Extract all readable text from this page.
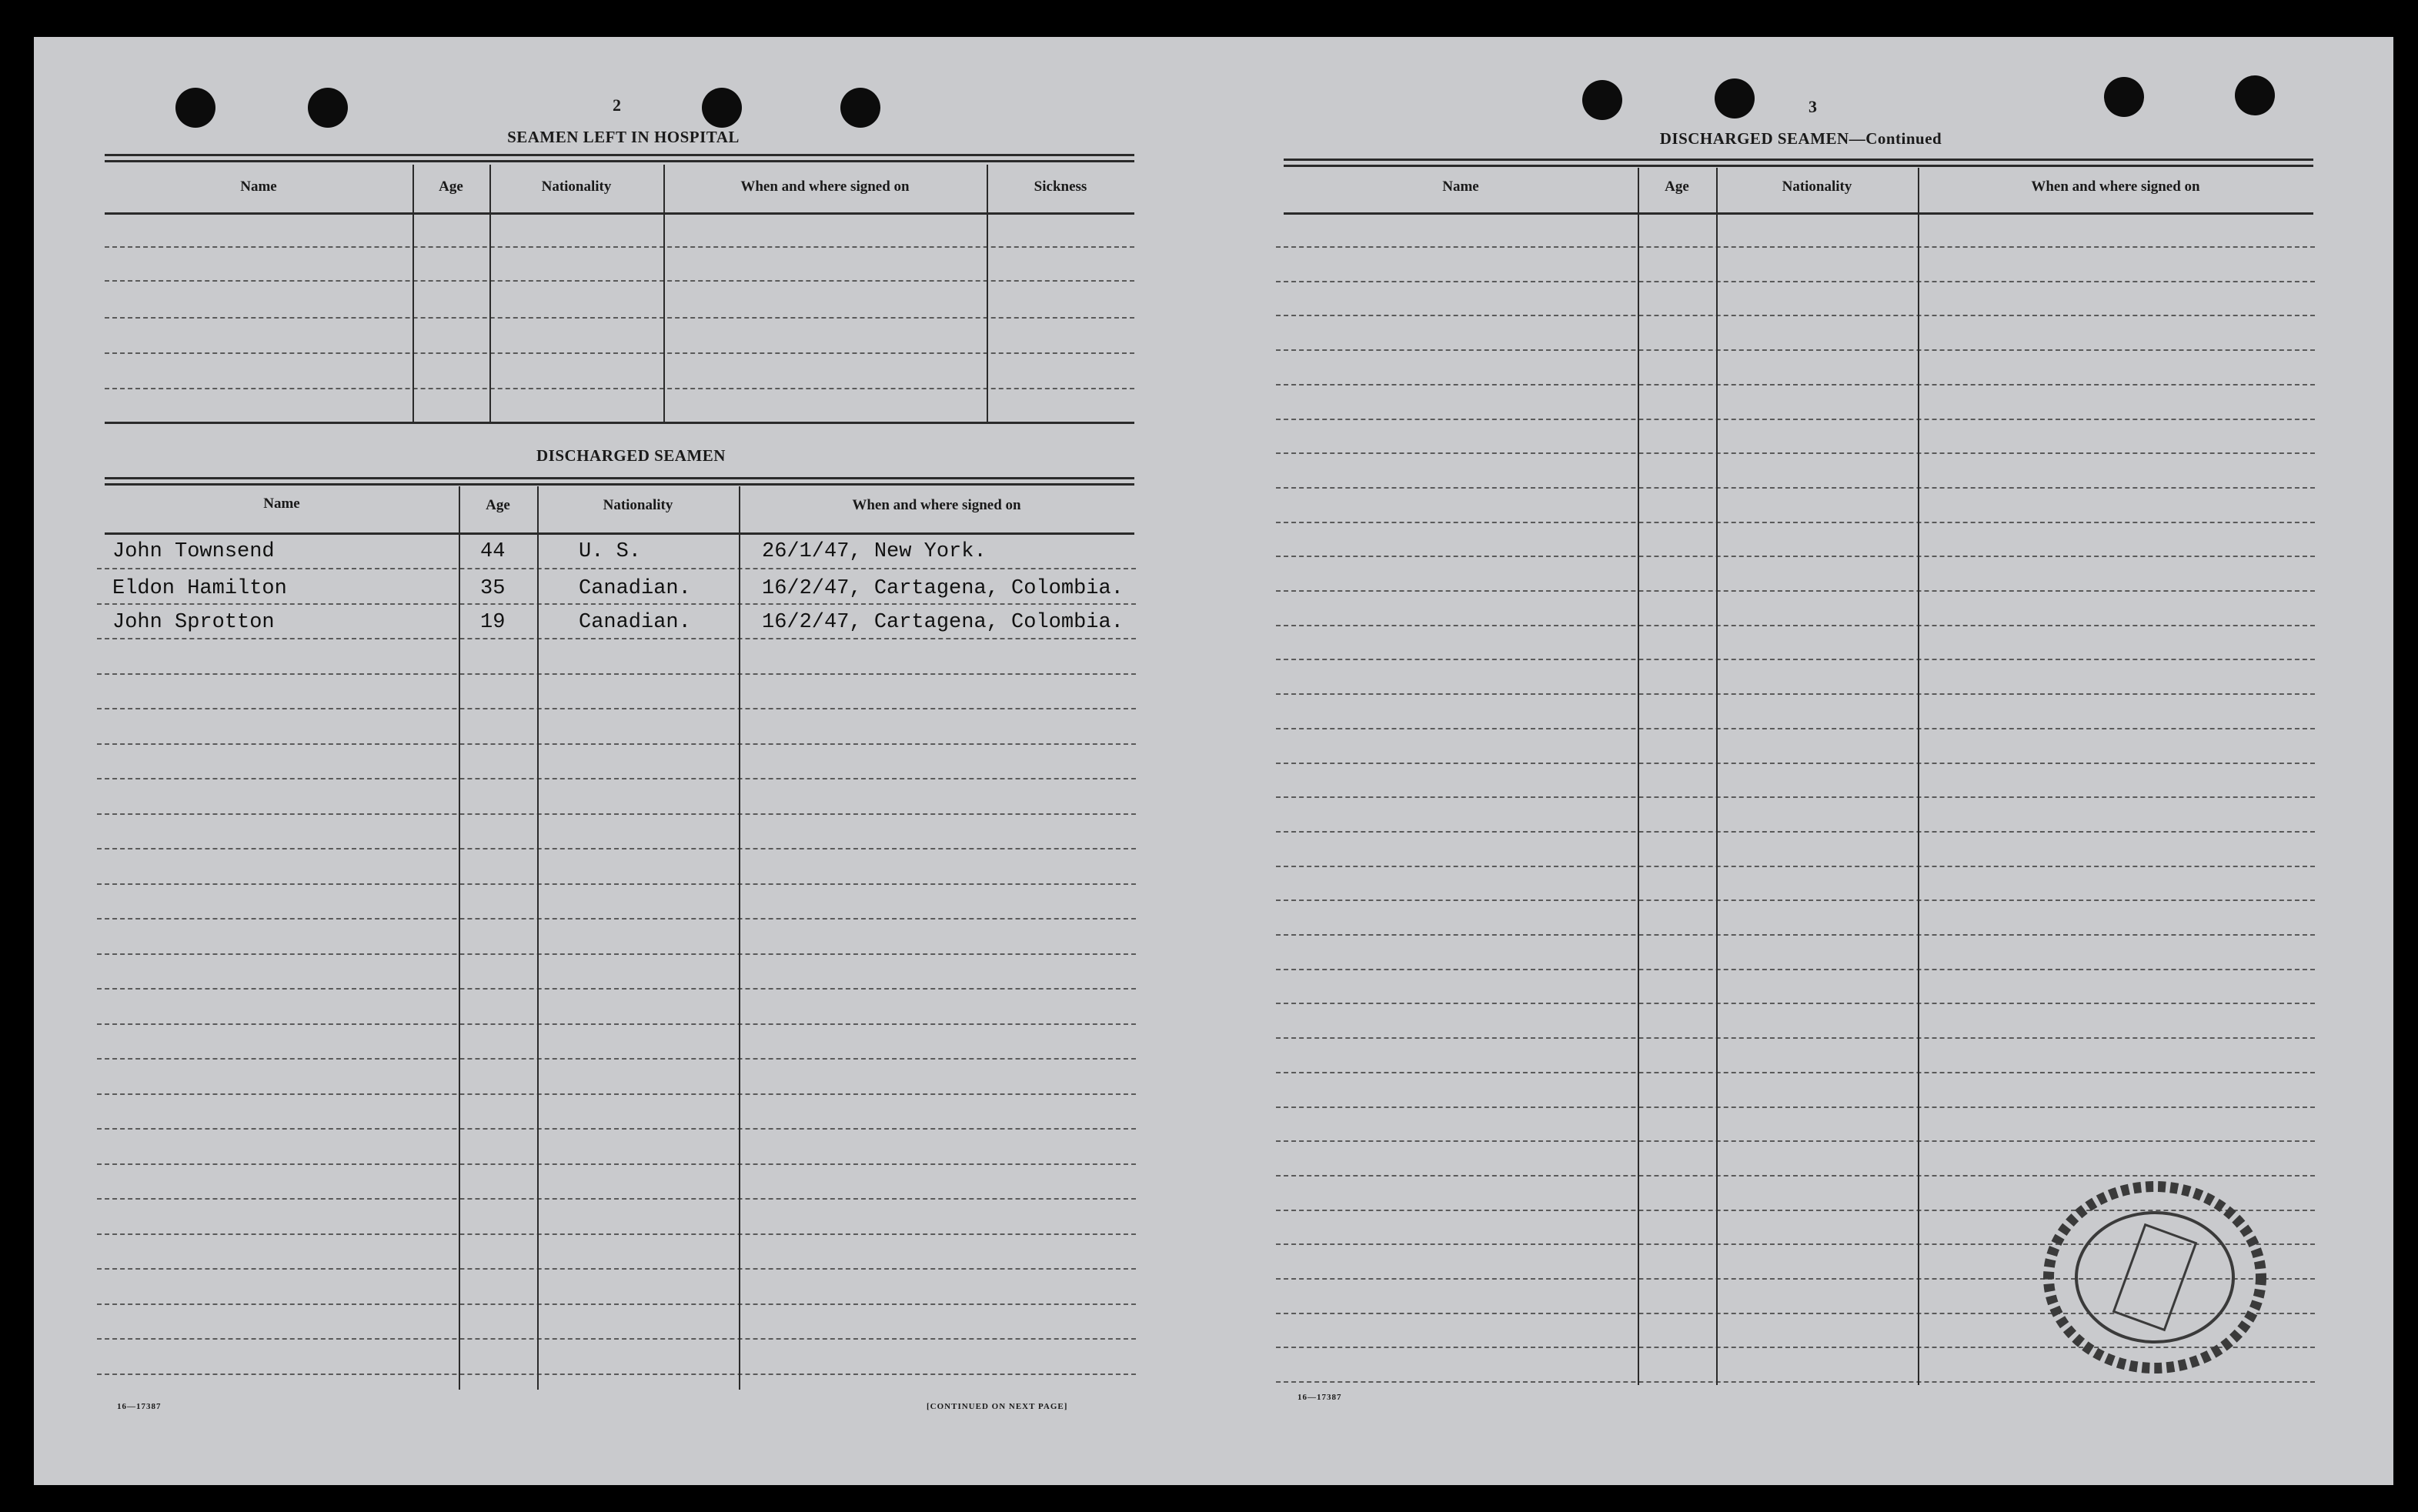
2
SEAMEN LEFT IN HOSPITAL
Name	Age	Nationality	When and where signed on	Sickness
DISCHARGED SEAMEN
Name	Age	Nationality	When and where signed on
John Townsend	44	U. S.	26/1/47, New York.
Eldon Hamilton	35	Canadian.	16/2/47, Cartagena, Colombia.
John Sprotton	19	Canadian.	16/2/47, Cartagena, Colombia.
16—17387	[CONTINUED ON NEXT PAGE]
3
DISCHARGED SEAMEN—Continued
Name	Age	Nationality	When and where signed on
16—17387
